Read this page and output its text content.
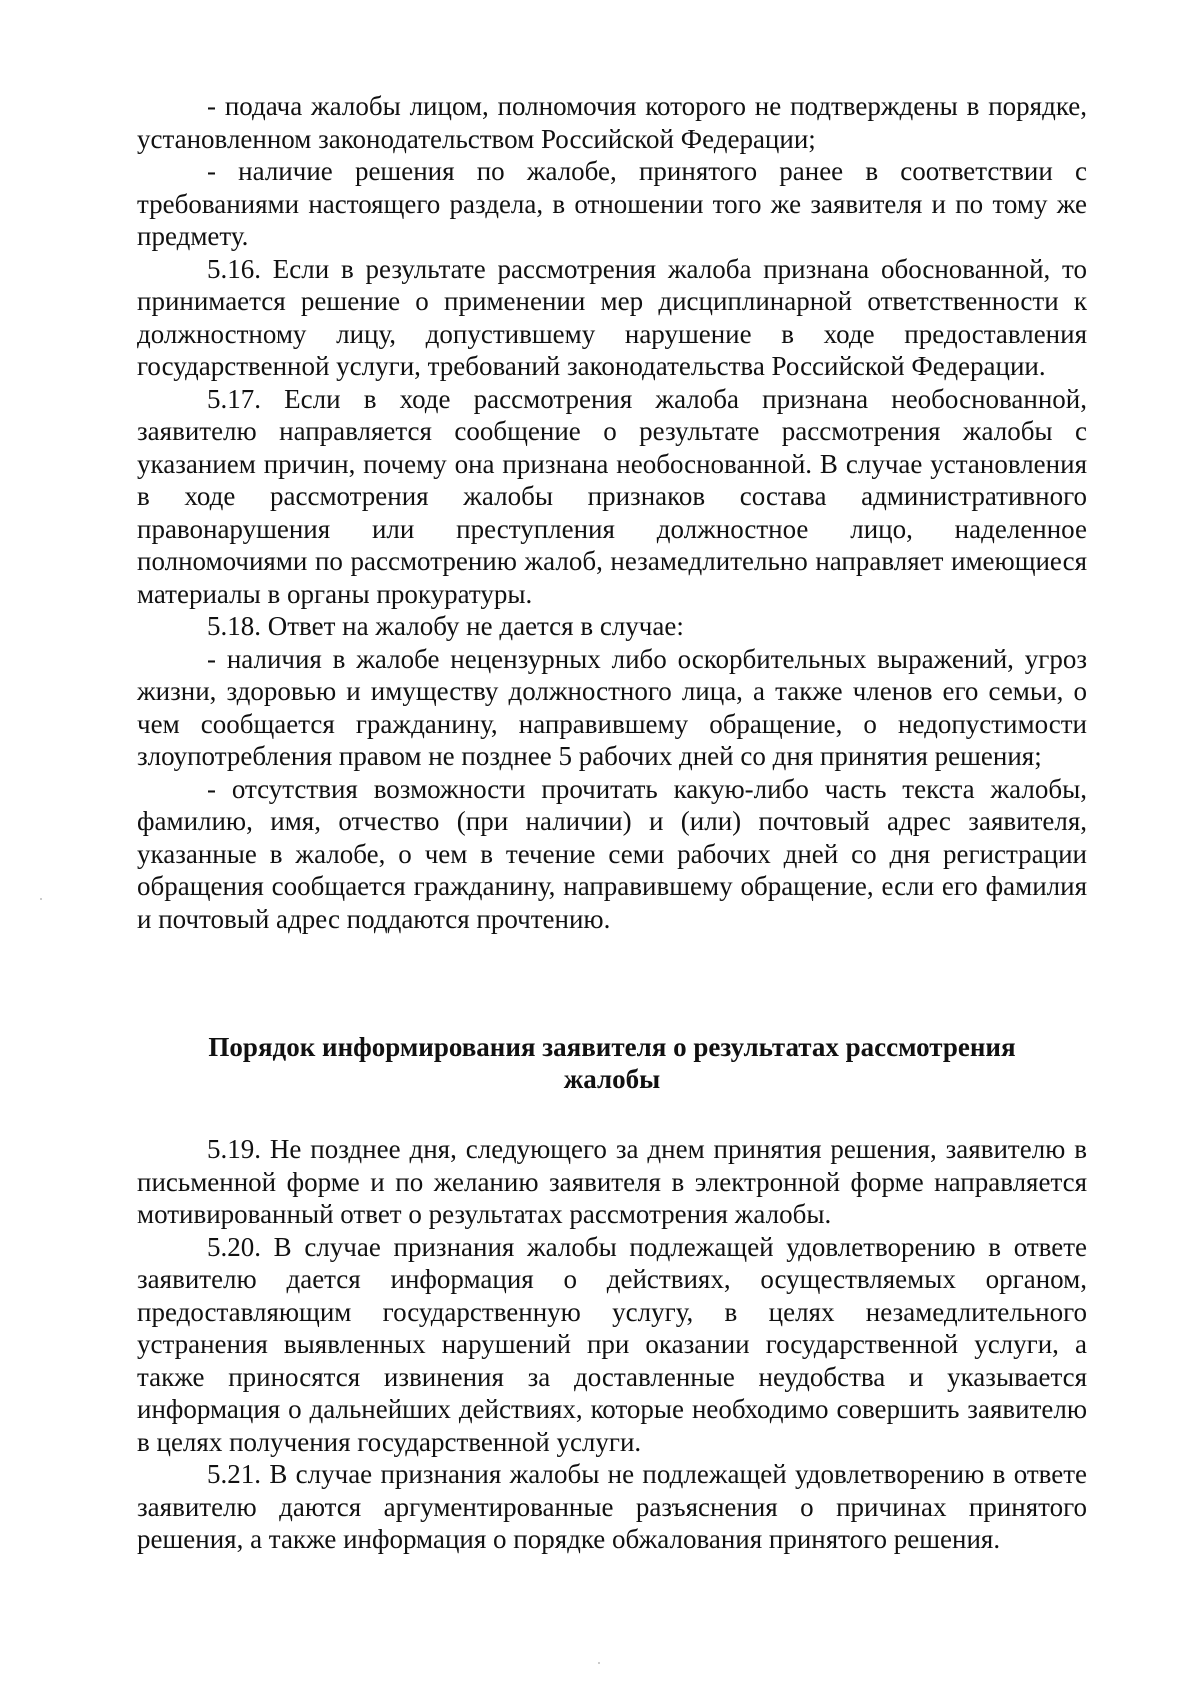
- подача жалобы лицом, полномочия которого не подтверждены в порядке, установленном законодательством Российской Федерации;

- наличие решения по жалобе, принятого ранее в соответствии с требованиями настоящего раздела, в отношении того же заявителя и по тому же предмету.

5.16. Если в результате рассмотрения жалоба признана обоснованной, то принимается решение о применении мер дисциплинарной ответственности к должностному лицу, допустившему нарушение в ходе предоставления государственной услуги, требований законодательства Российской Федерации.

5.17. Если в ходе рассмотрения жалоба признана необоснованной, заявителю направляется сообщение о результате рассмотрения жалобы с указанием причин, почему она признана необоснованной. В случае установления в ходе рассмотрения жалобы признаков состава административного правонарушения или преступления должностное лицо, наделенное полномочиями по рассмотрению жалоб, незамедлительно направляет имеющиеся материалы в органы прокуратуры.

5.18. Ответ на жалобу не дается в случае:

- наличия в жалобе нецензурных либо оскорбительных выражений, угроз жизни, здоровью и имуществу должностного лица, а также членов его семьи, о чем сообщается гражданину, направившему обращение, о недопустимости злоупотребления правом не позднее 5 рабочих дней со дня принятия решения;

- отсутствия возможности прочитать какую-либо часть текста жалобы, фамилию, имя, отчество (при наличии) и (или) почтовый адрес заявителя, указанные в жалобе, о чем в течение семи рабочих дней со дня регистрации обращения сообщается гражданину, направившему обращение, если его фамилия и почтовый адрес поддаются прочтению.

Порядок информирования заявителя о результатах рассмотрения
жалобы

5.19. Не позднее дня, следующего за днем принятия решения, заявителю в письменной форме и по желанию заявителя в электронной форме направляется мотивированный ответ о результатах рассмотрения жалобы.

5.20. В случае признания жалобы подлежащей удовлетворению в ответе заявителю дается информация о действиях, осуществляемых органом, предоставляющим государственную услугу, в целях незамедлительного устранения выявленных нарушений при оказании государственной услуги, а также приносятся извинения за доставленные неудобства и указывается информация о дальнейших действиях, которые необходимо совершить заявителю в целях получения государственной услуги.

5.21. В случае признания жалобы не подлежащей удовлетворению в ответе заявителю даются аргументированные разъяснения о причинах принятого решения, а также информация о порядке обжалования принятого решения.
